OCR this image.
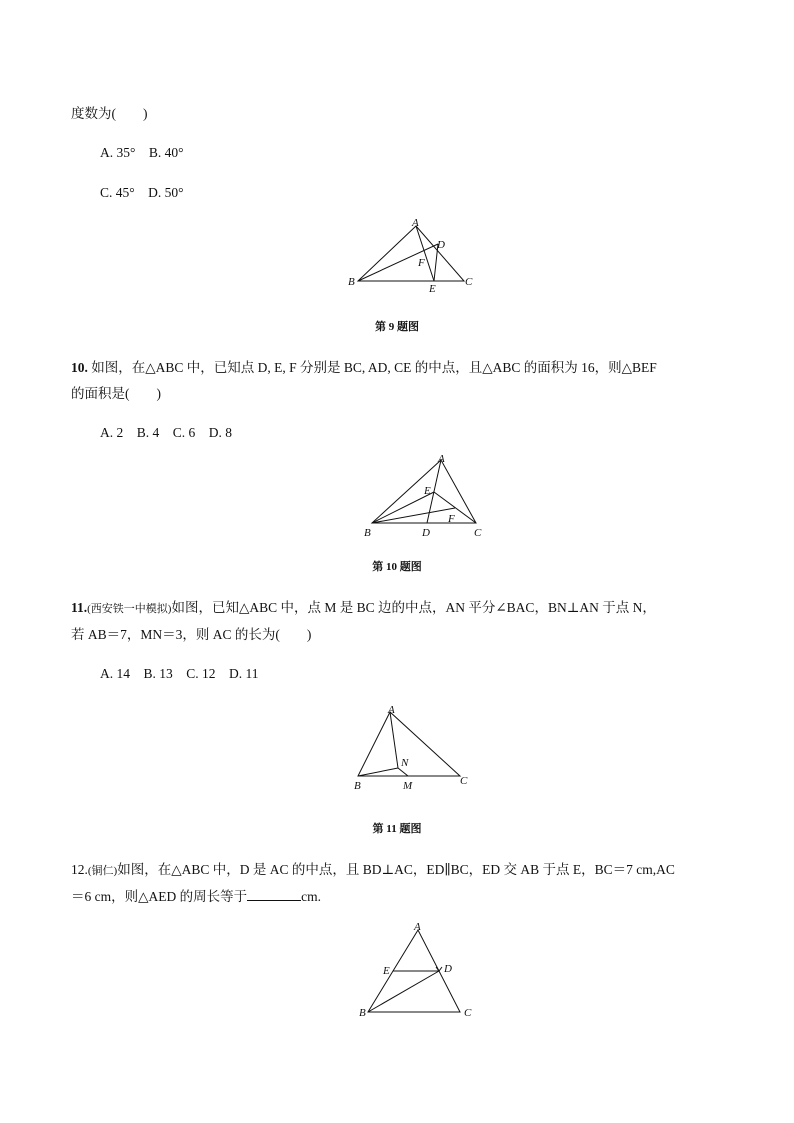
度数为(　　)
A. 35°　B. 40°
C. 45°　D. 50°
A
D
F
B
E
C
第 9 题图
10. 如图，在△ABC 中，已知点 D, E, F 分别是 BC, AD, CE 的中点，且△ABC 的面积为 16，则△BEF
的面积是(　　)
A. 2　B. 4　C. 6　D. 8
A
E
F
B	D	C
第 10 题图
11.(西安铁一中模拟)如图，已知△ABC 中，点 M 是 BC 边的中点，AN 平分∠BAC，BN⊥AN 于点 N，
若 AB＝7，MN＝3，则 AC 的长为(　　)
A. 14　B. 13　C. 12　D. 11
A
N
B	M	C
第 11 题图
12.(铜仁)如图，在△ABC 中，D 是 AC 的中点，且 BD⊥AC，ED∥BC，ED 交 AB 于点 E，BC＝7 cm,AC
＝6 cm，则△AED 的周长等于	cm.
A
E	D
B	C
